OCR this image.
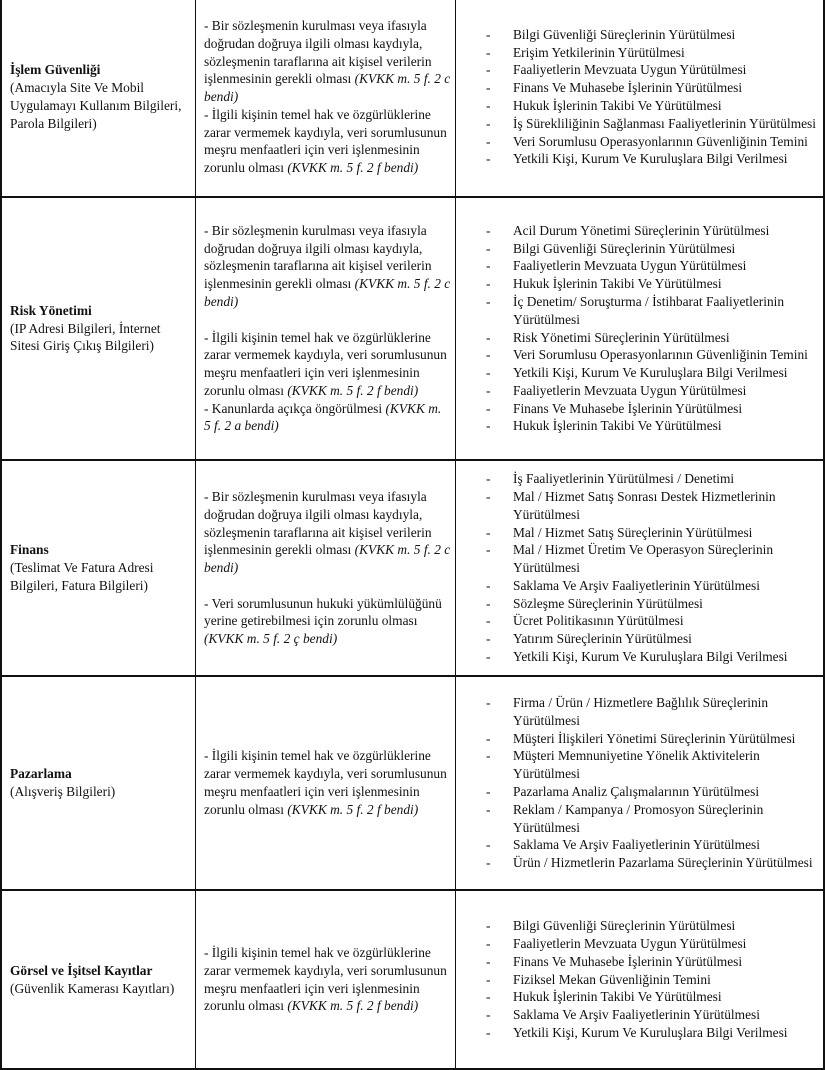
İşlem Güvenliği
(Amacıyla Site Ve Mobil Uygulamayı Kullanım Bilgileri, Parola Bilgileri)
- Bir sözleşmenin kurulması veya ifasıyla doğrudan doğruya ilgili olması kaydıyla, sözleşmenin taraflarına ait kişisel verilerin işlenmesinin gerekli olması (KVKK m. 5 f. 2 c bendi)
- İlgili kişinin temel hak ve özgürlüklerine zarar vermemek kaydıyla, veri sorumlusunun meşru menfaatleri için veri işlenmesinin zorunlu olması (KVKK m. 5 f. 2 f bendi)
- Bilgi Güvenliği Süreçlerinin Yürütülmesi
- Erişim Yetkilerinin Yürütülmesi
- Faaliyetlerin Mevzuata Uygun Yürütülmesi
- Finans Ve Muhasebe İşlerinin Yürütülmesi
- Hukuk İşlerinin Takibi Ve Yürütülmesi
- İş Sürekliliğinin Sağlanması Faaliyetlerinin Yürütülmesi
- Veri Sorumlusu Operasyonlarının Güvenliğinin Temini
- Yetkili Kişi, Kurum Ve Kuruluşlara Bilgi Verilmesi
Risk Yönetimi
(IP Adresi Bilgileri, İnternet Sitesi Giriş Çıkış Bilgileri)
- Bir sözleşmenin kurulması veya ifasıyla doğrudan doğruya ilgili olması kaydıyla, sözleşmenin taraflarına ait kişisel verilerin işlenmesinin gerekli olması (KVKK m. 5 f. 2 c bendi)
- İlgili kişinin temel hak ve özgürlüklerine zarar vermemek kaydıyla, veri sorumlusunun meşru menfaatleri için veri işlenmesinin zorunlu olması (KVKK m. 5 f. 2 f bendi)
- Kanunlarda açıkça öngörülmesi (KVKK m. 5 f. 2 a bendi)
- Acil Durum Yönetimi Süreçlerinin Yürütülmesi
- Bilgi Güvenliği Süreçlerinin Yürütülmesi
- Faaliyetlerin Mevzuata Uygun Yürütülmesi
- Hukuk İşlerinin Takibi Ve Yürütülmesi
- İç Denetim/ Soruşturma / İstihbarat Faaliyetlerinin Yürütülmesi
- Risk Yönetimi Süreçlerinin Yürütülmesi
- Veri Sorumlusu Operasyonlarının Güvenliğinin Temini
- Yetkili Kişi, Kurum Ve Kuruluşlara Bilgi Verilmesi
- Faaliyetlerin Mevzuata Uygun Yürütülmesi
- Finans Ve Muhasebe İşlerinin Yürütülmesi
- Hukuk İşlerinin Takibi Ve Yürütülmesi
Finans
(Teslimat Ve Fatura Adresi Bilgileri, Fatura Bilgileri)
- Bir sözleşmenin kurulması veya ifasıyla doğrudan doğruya ilgili olması kaydıyla, sözleşmenin taraflarına ait kişisel verilerin işlenmesinin gerekli olması (KVKK m. 5 f. 2 c bendi)
- Veri sorumlusunun hukuki yükümlülüğünü yerine getirebilmesi için zorunlu olması (KVKK m. 5 f. 2 ç bendi)
- İş Faaliyetlerinin Yürütülmesi / Denetimi
- Mal / Hizmet Satış Sonrası Destek Hizmetlerinin Yürütülmesi
- Mal / Hizmet Satış Süreçlerinin Yürütülmesi
- Mal / Hizmet Üretim Ve Operasyon Süreçlerinin Yürütülmesi
- Saklama Ve Arşiv Faaliyetlerinin Yürütülmesi
- Sözleşme Süreçlerinin Yürütülmesi
- Ücret Politikasının Yürütülmesi
- Yatırım Süreçlerinin Yürütülmesi
- Yetkili Kişi, Kurum Ve Kuruluşlara Bilgi Verilmesi
Pazarlama
(Alışveriş Bilgileri)
- İlgili kişinin temel hak ve özgürlüklerine zarar vermemek kaydıyla, veri sorumlusunun meşru menfaatleri için veri işlenmesinin zorunlu olması (KVKK m. 5 f. 2 f bendi)
- Firma / Ürün / Hizmetlere Bağlılık Süreçlerinin Yürütülmesi
- Müşteri İlişkileri Yönetimi Süreçlerinin Yürütülmesi
- Müşteri Memnuniyetine Yönelik Aktivitelerin Yürütülmesi
- Pazarlama Analiz Çalışmalarının Yürütülmesi
- Reklam / Kampanya / Promosyon Süreçlerinin Yürütülmesi
- Saklama Ve Arşiv Faaliyetlerinin Yürütülmesi
- Ürün / Hizmetlerin Pazarlama Süreçlerinin Yürütülmesi
Görsel ve İşitsel Kayıtlar
(Güvenlik Kamerası Kayıtları)
- İlgili kişinin temel hak ve özgürlüklerine zarar vermemek kaydıyla, veri sorumlusunun meşru menfaatleri için veri işlenmesinin zorunlu olması (KVKK m. 5 f. 2 f bendi)
- Bilgi Güvenliği Süreçlerinin Yürütülmesi
- Faaliyetlerin Mevzuata Uygun Yürütülmesi
- Finans Ve Muhasebe İşlerinin Yürütülmesi
- Fiziksel Mekan Güvenliğinin Temini
- Hukuk İşlerinin Takibi Ve Yürütülmesi
- Saklama Ve Arşiv Faaliyetlerinin Yürütülmesi
- Yetkili Kişi, Kurum Ve Kuruluşlara Bilgi Verilmesi
